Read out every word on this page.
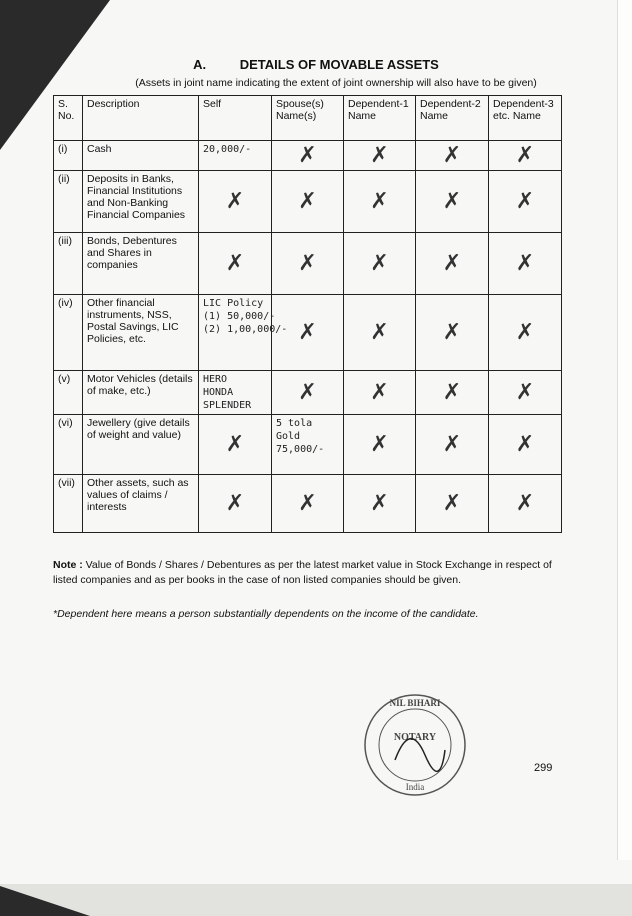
A.	DETAILS OF MOVABLE ASSETS
(Assets in joint name indicating the extent of joint ownership will also have to be given)
S. No.	Description	Self	Spouse(s) Name(s)	Dependent-1 Name	Dependent-2 Name	Dependent-3 etc. Name
(i)	Cash	20,000/-	✗	✗	✗	✗

(ii)	Deposits in Banks, Financial Institutions and Non-Banking Financial Companies	✗	✗	✗	✗	✗

(iii)	Bonds, Debentures and Shares in companies	✗	✗	✗	✗	✗

(iv)	Other financial instruments, NSS, Postal Savings, LIC Policies, etc.	LIC Policy
(1) 50,000/-
(2) 1,00,000/-	✗	✗	✗	✗

(v)	Motor Vehicles (details of make, etc.)	HERO
HONDA
SPLENDER	✗	✗	✗	✗

(vi)	Jewellery (give details of weight and value)	✗	5 tola
Gold
75,000/-	✗	✗	✗

(vii)	Other assets, such as values of claims / interests	✗	✗	✗	✗	✗
Note : Value of Bonds / Shares / Debentures as per the latest market value in Stock Exchange in respect of listed companies and as per books in the case of non listed companies should be given.
*Dependent here means a person substantially dependents on the income of the candidate.
NIL BIHARI
NOTARY
India
299
